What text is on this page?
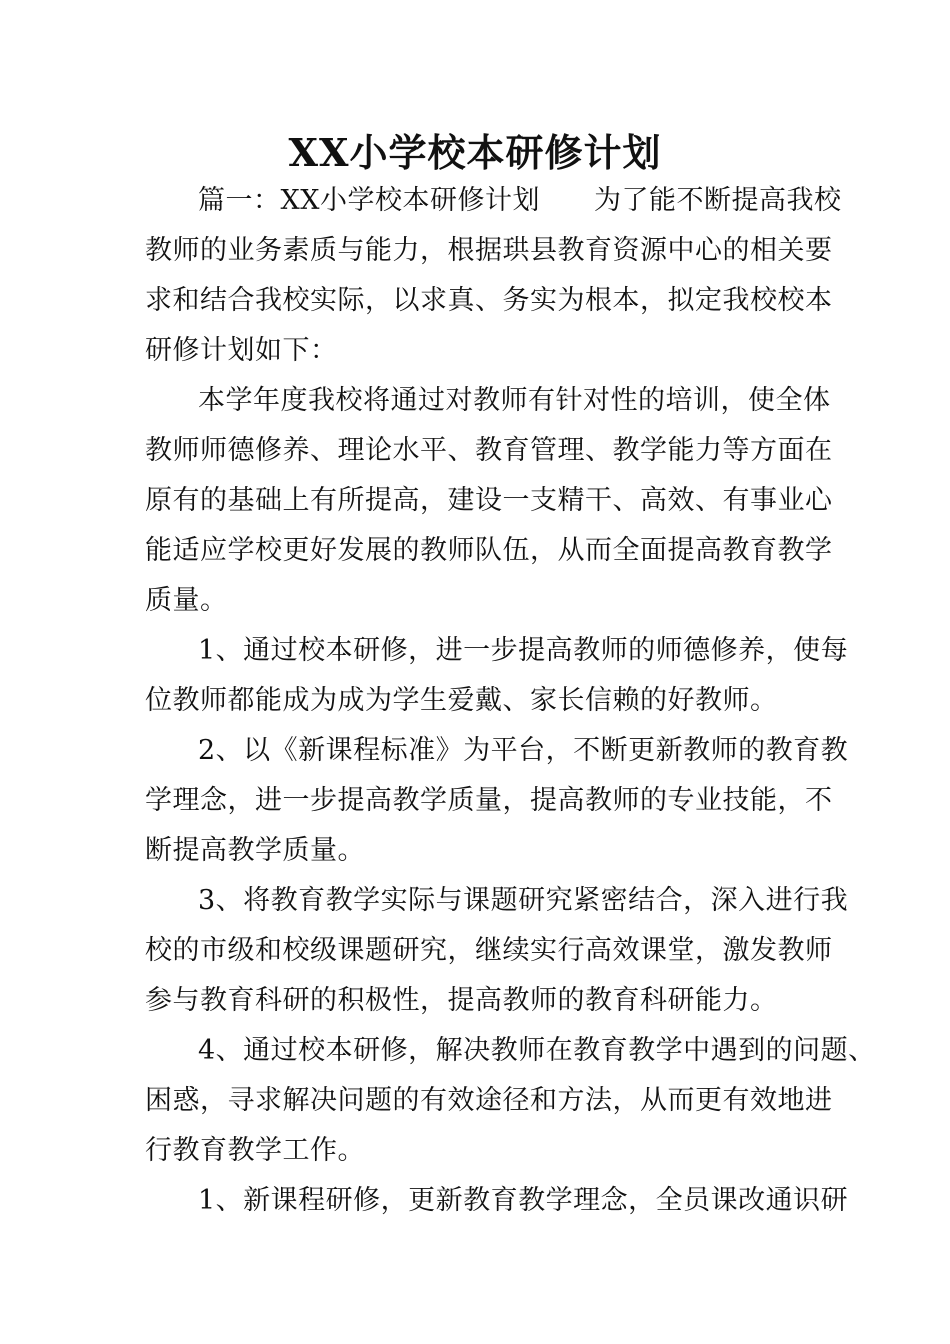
XX小学校本研修计划
篇一：XX小学校本研修计划 为了能不断提高我校
教师的业务素质与能力，根据珙县教育资源中心的相关要
求和结合我校实际，以求真、务实为根本，拟定我校校本
研修计划如下：
本学年度我校将通过对教师有针对性的培训，使全体
教师师德修养、理论水平、教育管理、教学能力等方面在
原有的基础上有所提高，建设一支精干、高效、有事业心
能适应学校更好发展的教师队伍，从而全面提高教育教学
质量。
1、通过校本研修，进一步提高教师的师德修养，使每
位教师都能成为成为学生爱戴、家长信赖的好教师。
2、以《新课程标准》为平台，不断更新教师的教育教
学理念，进一步提高教学质量，提高教师的专业技能，不
断提高教学质量。
3、将教育教学实际与课题研究紧密结合，深入进行我
校的市级和校级课题研究，继续实行高效课堂，激发教师
参与教育科研的积极性，提高教师的教育科研能力。
4、通过校本研修，解决教师在教育教学中遇到的问题、
困惑，寻求解决问题的有效途径和方法，从而更有效地进
行教育教学工作。
1、新课程研修，更新教育教学理念，全员课改通识研
